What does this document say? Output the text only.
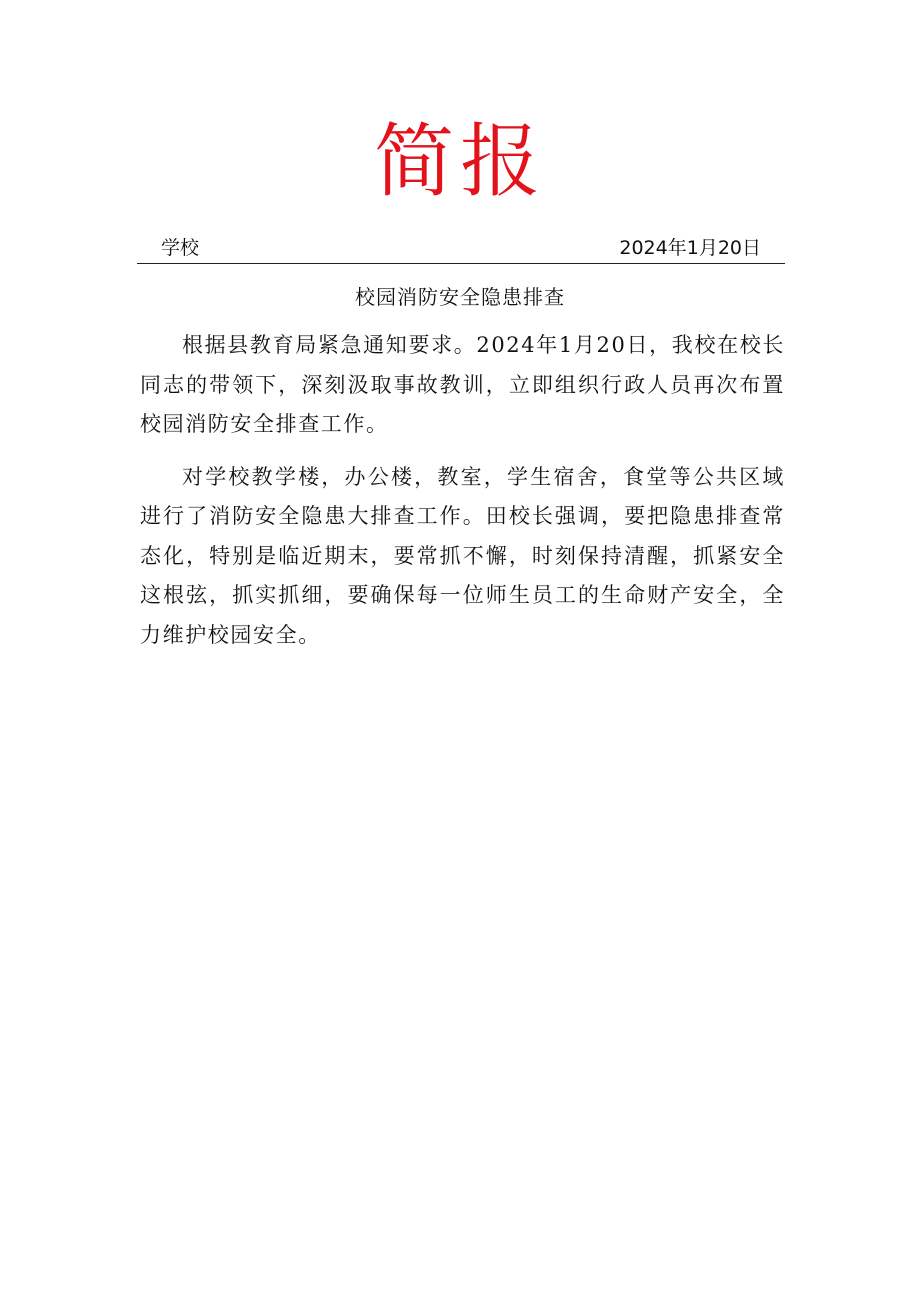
简报
学校	2024年1月20日
校园消防安全隐患排查

根据县教育局紧急通知要求。2024年1月20日，我校在校长同志的带领下，深刻汲取事故教训，立即组织行政人员再次布置校园消防安全排查工作。

对学校教学楼，办公楼，教室，学生宿舍，食堂等公共区域进行了消防安全隐患大排查工作。田校长强调，要把隐患排查常态化，特别是临近期末，要常抓不懈，时刻保持清醒，抓紧安全这根弦，抓实抓细，要确保每一位师生员工的生命财产安全，全力维护校园安全。
